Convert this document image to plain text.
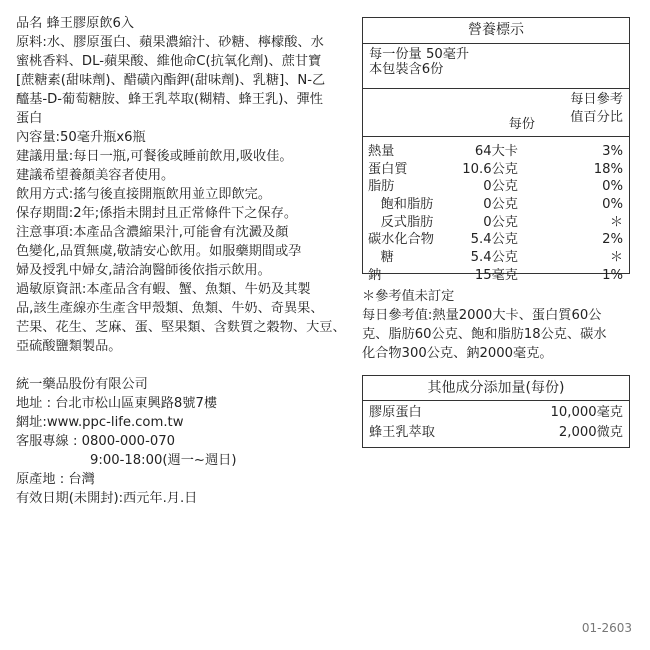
品名 蜂王膠原飲6入

原料:水、膠原蛋白、蘋果濃縮汁、砂糖、檸檬酸、水

蜜桃香料、DL-蘋果酸、維他命C(抗氧化劑)、蔗甘寶

[蔗糖素(甜味劑)、醋磺內酯鉀(甜味劑)、乳糖]、N-乙

醯基-D-葡萄糖胺、蜂王乳萃取(糊精、蜂王乳)、彈性

蛋白

內容量:50毫升瓶x6瓶

建議用量:每日一瓶,可餐後或睡前飲用,吸收佳。

建議希望養顏美容者使用。

飲用方式:搖勻後直接開瓶飲用並立即飲完。

保存期間:2年;係指未開封且正常條件下之保存。

注意事項:本產品含濃縮果汁,可能會有沈澱及顏

色變化,品質無虞,敬請安心飲用。如服藥期間或孕

婦及授乳中婦女,請洽詢醫師後依指示飲用。

過敏原資訊:本產品含有蝦、蟹、魚類、牛奶及其製

品,該生產線亦生產含甲殼類、魚類、牛奶、奇異果、

芒果、花生、芝麻、蛋、堅果類、含麩質之穀物、大豆、

亞硫酸鹽類製品。

統一藥品股份有限公司

地址 : 台北市松山區東興路8號7樓

網址:www.ppc-life.com.tw

客服專線 : 0800-000-070

9:00-18:00(週一~週日)

原產地 : 台灣

有效日期(未開封):西元年.月.日

營養標示
每一份量 50毫升
本包裝含6份
每份
每日參考
值百分比
熱量	64大卡	3%
蛋白質	10.6公克	18%
脂肪	0公克	0%
飽和脂肪	0公克	0%
反式脂肪	0公克	＊
碳水化合物	5.4公克	2%
糖	5.4公克	＊
鈉	15毫克	1%

＊參考值未訂定

每日參考值:熱量2000大卡、蛋白質60公

克、脂肪60公克、飽和脂肪18公克、碳水

化合物300公克、鈉2000毫克。

其他成分添加量(每份)
膠原蛋白	10,000毫克
蜂王乳萃取	2,000微克
01-2603
